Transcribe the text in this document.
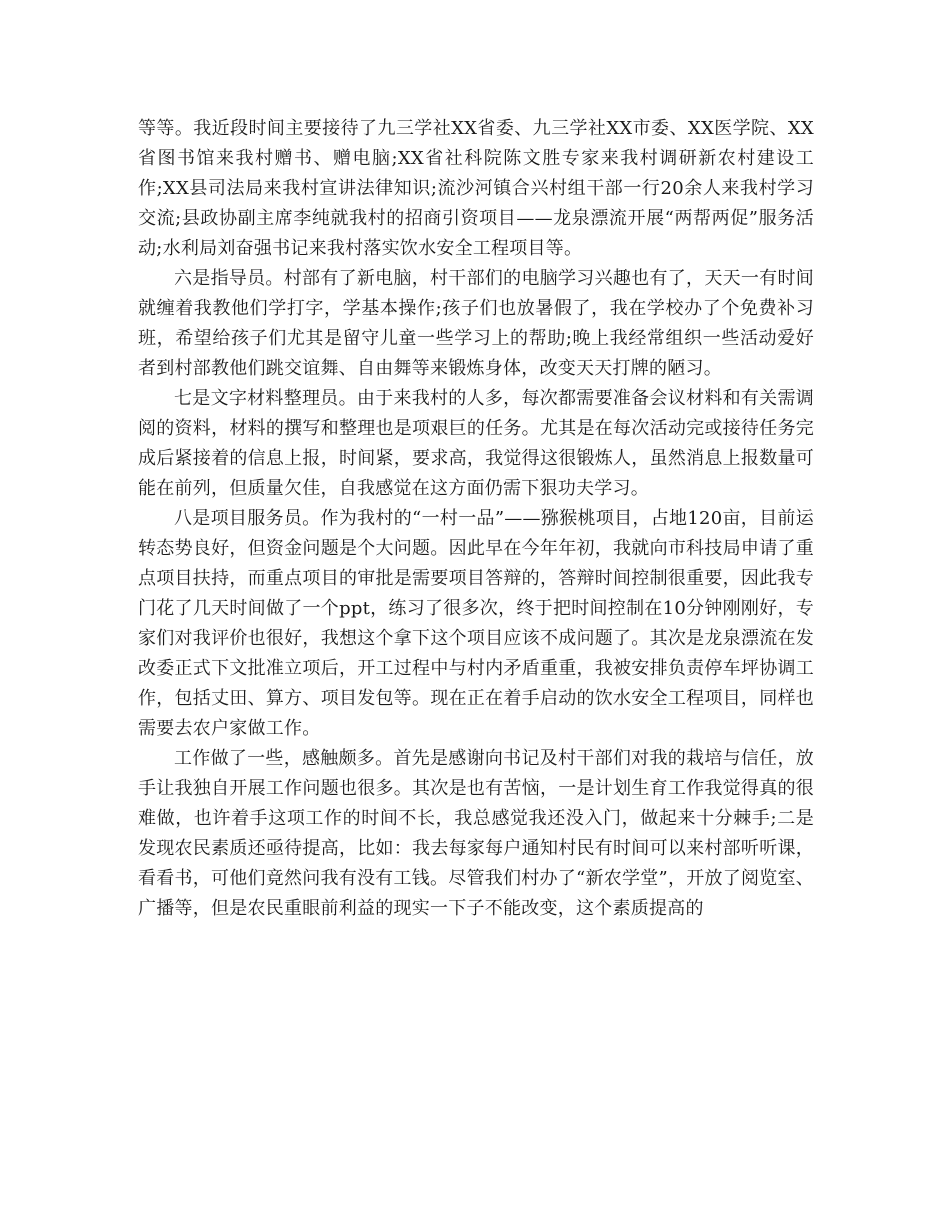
等等。我近段时间主要接待了九三学社XX省委、九三学社XX市委、XX医学院、XX省图书馆来我村赠书、赠电脑;XX省社科院陈文胜专家来我村调研新农村建设工作;XX县司法局来我村宣讲法律知识;流沙河镇合兴村组干部一行20余人来我村学习交流;县政协副主席李纯就我村的招商引资项目——龙泉漂流开展“两帮两促”服务活动;水利局刘奋强书记来我村落实饮水安全工程项目等。

六是指导员。村部有了新电脑，村干部们的电脑学习兴趣也有了，天天一有时间就缠着我教他们学打字，学基本操作;孩子们也放暑假了，我在学校办了个免费补习班，希望给孩子们尤其是留守儿童一些学习上的帮助;晚上我经常组织一些活动爱好者到村部教他们跳交谊舞、自由舞等来锻炼身体，改变天天打牌的陋习。

七是文字材料整理员。由于来我村的人多，每次都需要准备会议材料和有关需调阅的资料，材料的撰写和整理也是项艰巨的任务。尤其是在每次活动完或接待任务完成后紧接着的信息上报，时间紧，要求高，我觉得这很锻炼人，虽然消息上报数量可能在前列，但质量欠佳，自我感觉在这方面仍需下狠功夫学习。

八是项目服务员。作为我村的“一村一品”——猕猴桃项目，占地120亩，目前运转态势良好，但资金问题是个大问题。因此早在今年年初，我就向市科技局申请了重点项目扶持，而重点项目的审批是需要项目答辩的，答辩时间控制很重要，因此我专门花了几天时间做了一个ppt，练习了很多次，终于把时间控制在10分钟刚刚好，专家们对我评价也很好，我想这个拿下这个项目应该不成问题了。其次是龙泉漂流在发改委正式下文批准立项后，开工过程中与村内矛盾重重，我被安排负责停车坪协调工作，包括丈田、算方、项目发包等。现在正在着手启动的饮水安全工程项目，同样也需要去农户家做工作。

工作做了一些，感触颇多。首先是感谢向书记及村干部们对我的栽培与信任，放手让我独自开展工作问题也很多。其次是也有苦恼，一是计划生育工作我觉得真的很难做，也许着手这项工作的时间不长，我总感觉我还没入门，做起来十分棘手;二是发现农民素质还亟待提高，比如：我去每家每户通知村民有时间可以来村部听听课，看看书，可他们竟然问我有没有工钱。尽管我们村办了“新农学堂”，开放了阅览室、广播等，但是农民重眼前利益的现实一下子不能改变，这个素质提高的
